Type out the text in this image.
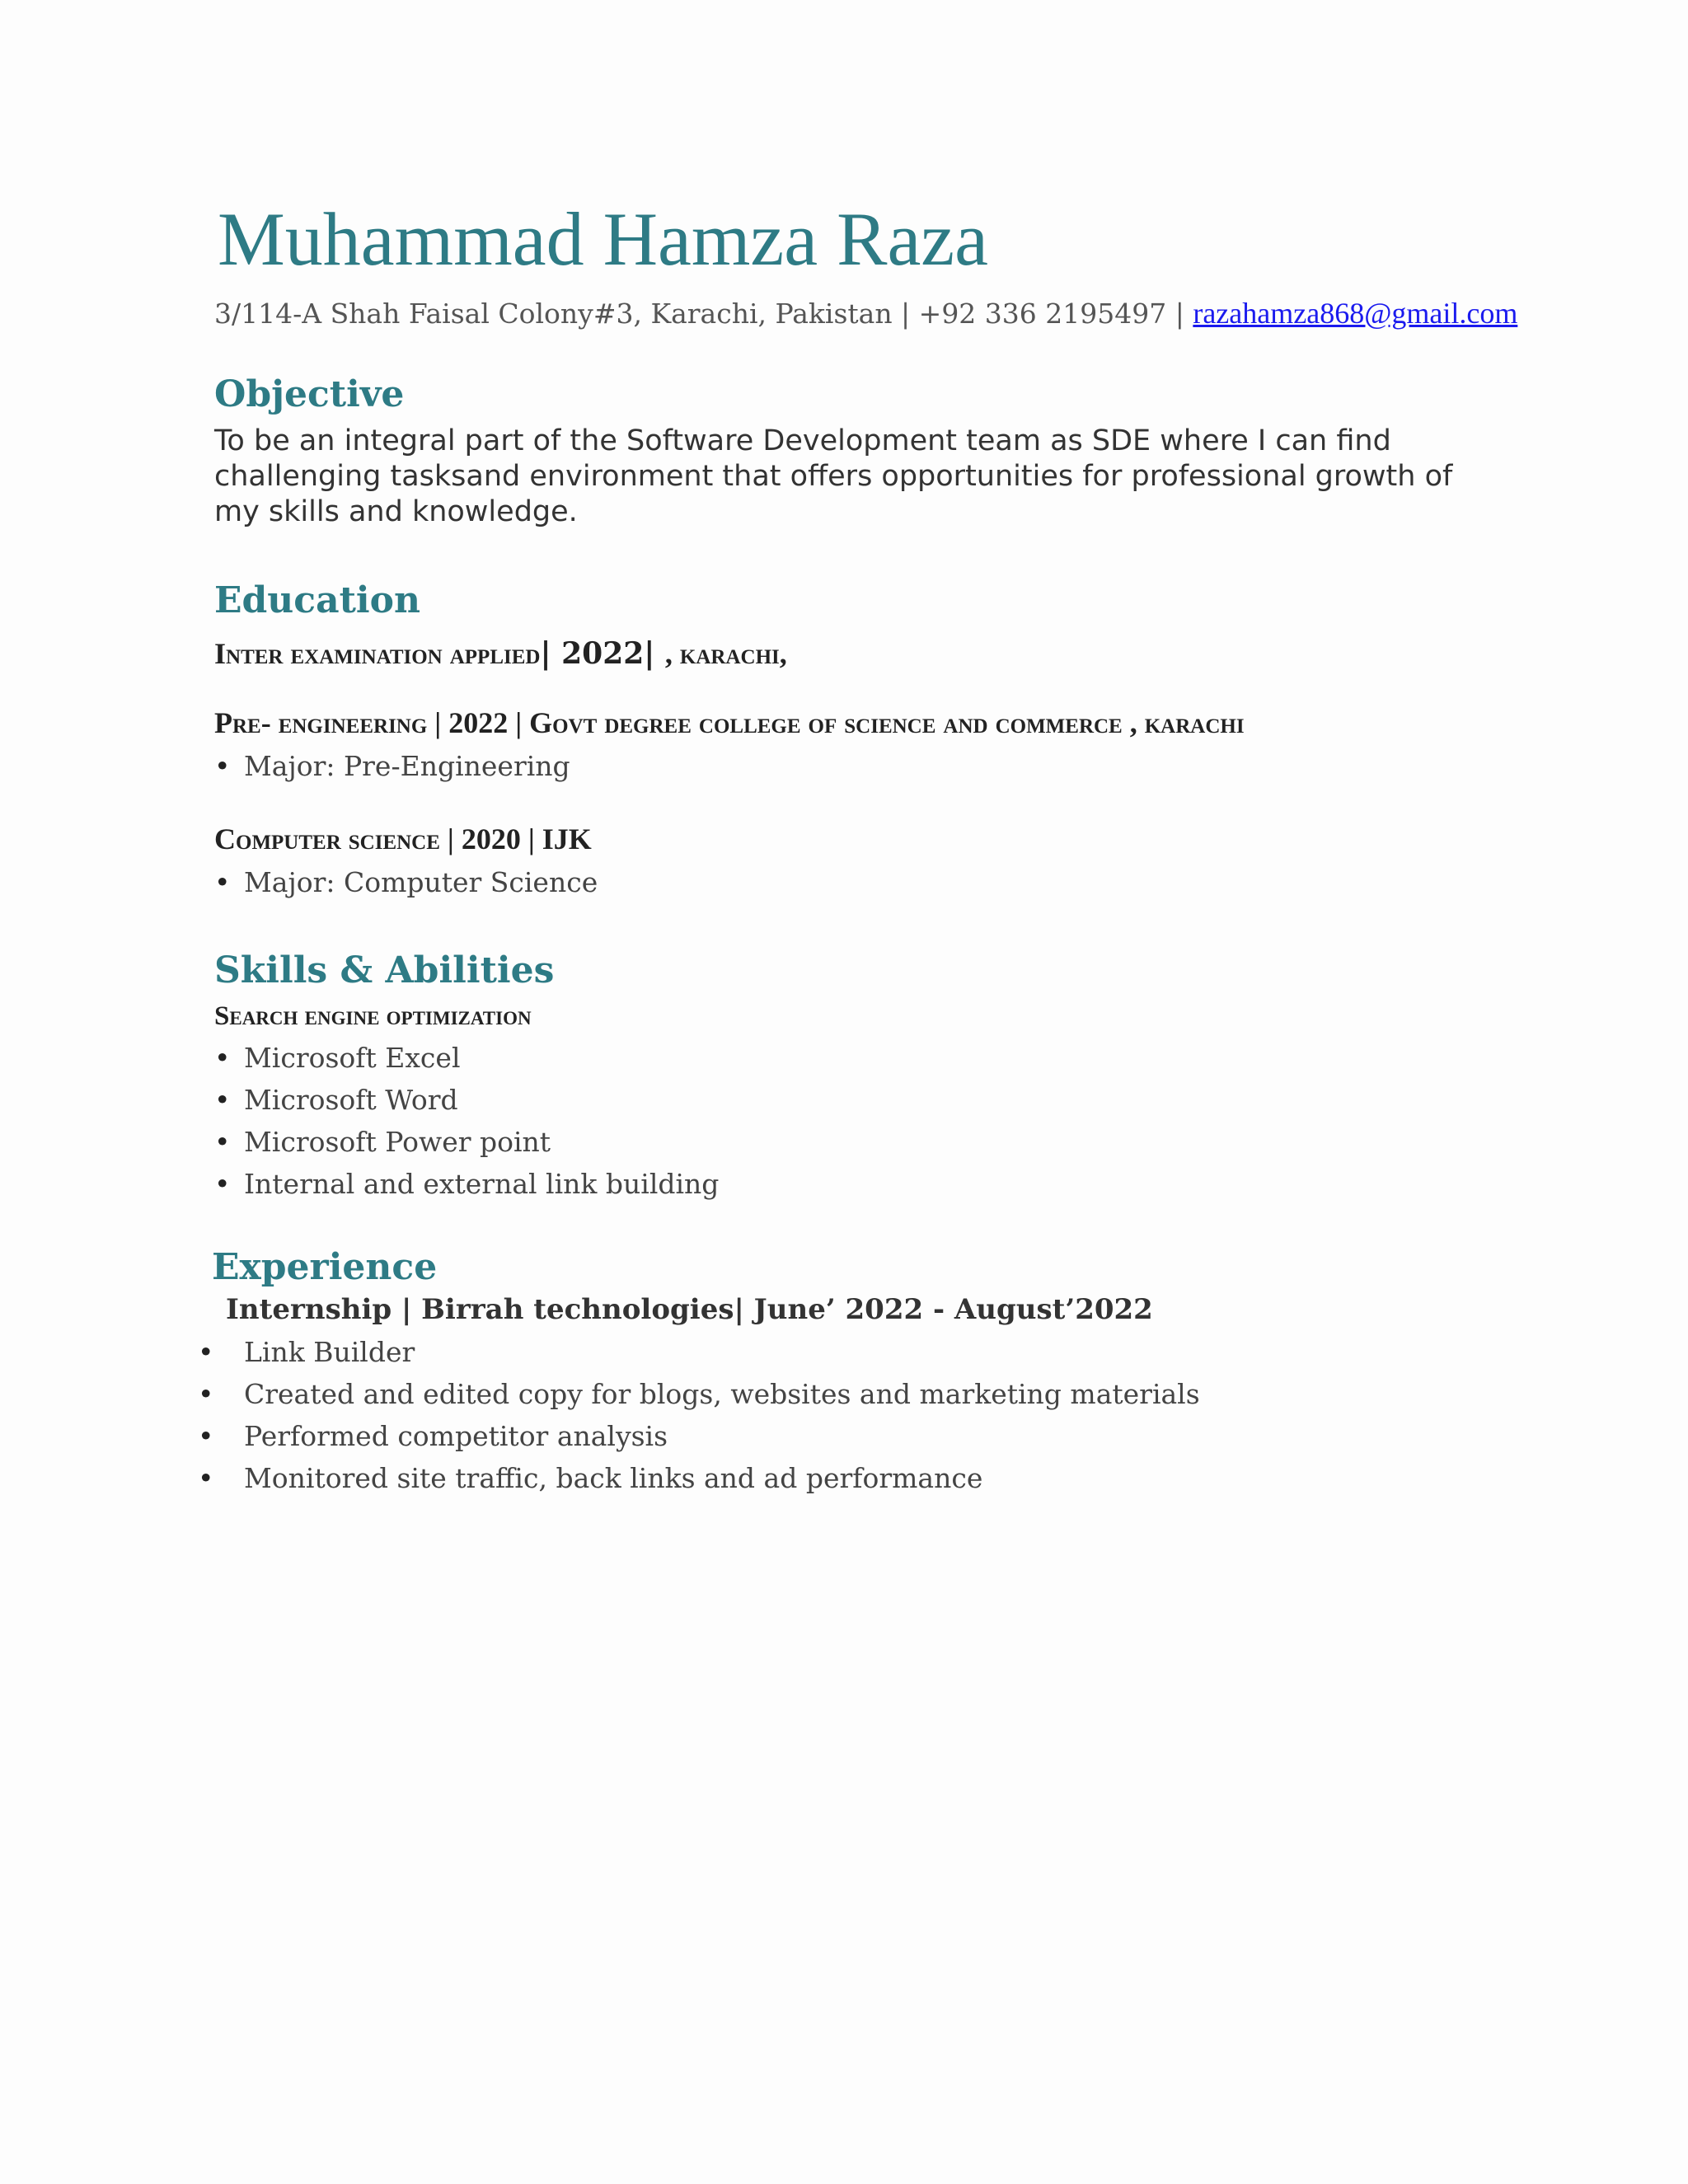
Muhammad Hamza Raza
3/114-A Shah Faisal Colony#3, Karachi, Pakistan | +92 336 2195497 | razahamza868@gmail.com
Objective
To be an integral part of the Software Development team as SDE where I can find challenging tasksand environment that offers opportunities for professional growth of my skills and knowledge.
Education
Inter examination applied| 2022| , karachi,
Pre- engineering | 2022 | Govt degree college of science and commerce , karachi
• Major: Pre-Engineering
Computer science | 2020 | IJK
• Major: Computer Science
Skills & Abilities
Search engine optimization
• Microsoft Excel
• Microsoft Word
• Microsoft Power point
• Internal and external link building
Experience
Internship | Birrah technologies| June’ 2022 - August’2022
• Link Builder
• Created and edited copy for blogs, websites and marketing materials
• Performed competitor analysis
• Monitored site traffic, back links and ad performance
